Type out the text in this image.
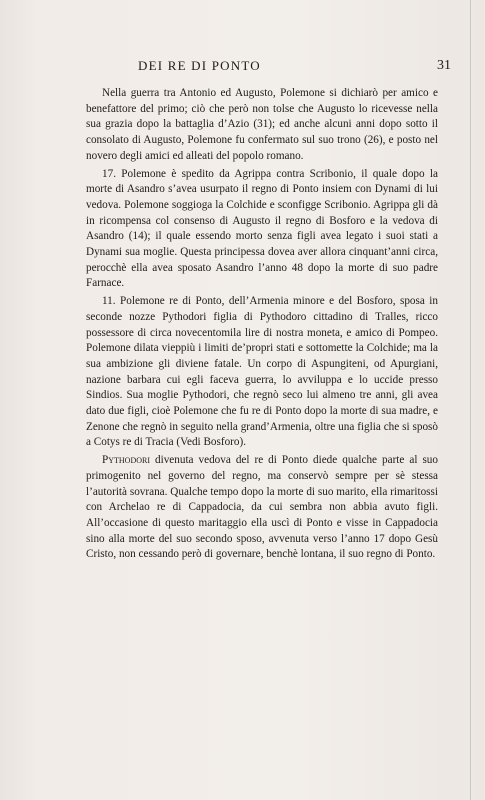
DEI RE DI PONTO	31

Nella guerra tra Antonio ed Augusto, Polemone si dichiarò per amico e benefattore del primo; ciò che però non tolse che Augusto lo ricevesse nella sua grazia dopo la battaglia d’Azio (31); ed anche alcuni anni dopo sotto il consolato di Augusto, Polemone fu confermato sul suo trono (26), e posto nel novero degli amici ed alleati del popolo romano.

17. Polemone è spedito da Agrippa contra Scribonio, il quale dopo la morte di Asandro s’avea usurpato il regno di Ponto insiem con Dynami di lui vedova. Polemone soggioga la Colchide e sconfigge Scribonio. Agrippa gli dà in ricompensa col consenso di Augusto il regno di Bosforo e la vedova di Asandro (14); il quale essendo morto senza figli avea legato i suoi stati a Dynami sua moglie. Questa principessa dovea aver allora cinquant’anni circa, perocchè ella avea sposato Asandro l’anno 48 dopo la morte di suo padre Farnace.

11. Polemone re di Ponto, dell’Armenia minore e del Bosforo, sposa in seconde nozze Pythodori figlia di Pythodoro cittadino di Tralles, ricco possessore di circa novecentomila lire di nostra moneta, e amico di Pompeo. Polemone dilata vieppiù i limiti de’propri stati e sottomette la Colchide; ma la sua ambizione gli diviene fatale. Un corpo di Aspungiteni, od Apurgiani, nazione barbara cui egli faceva guerra, lo avviluppa e lo uccide presso Sindios. Sua moglie Pythodori, che regnò seco lui almeno tre anni, gli avea dato due figli, cioè Polemone che fu re di Ponto dopo la morte di sua madre, e Zenone che regnò in seguito nella grand’Armenia, oltre una figlia che si sposò a Cotys re di Tracia (Vedi Bosforo).

Pythodori divenuta vedova del re di Ponto diede qualche parte al suo primogenito nel governo del regno, ma conservò sempre per sè stessa l’autorità sovrana. Qualche tempo dopo la morte di suo marito, ella rimaritossi con Archelao re di Cappadocia, da cui sembra non abbia avuto figli. All’occasione di questo maritaggio ella uscì di Ponto e visse in Cappadocia sino alla morte del suo secondo sposo, avvenuta verso l’anno 17 dopo Gesù Cristo, non cessando però di governare, benchè lontana, il suo regno di Ponto.
